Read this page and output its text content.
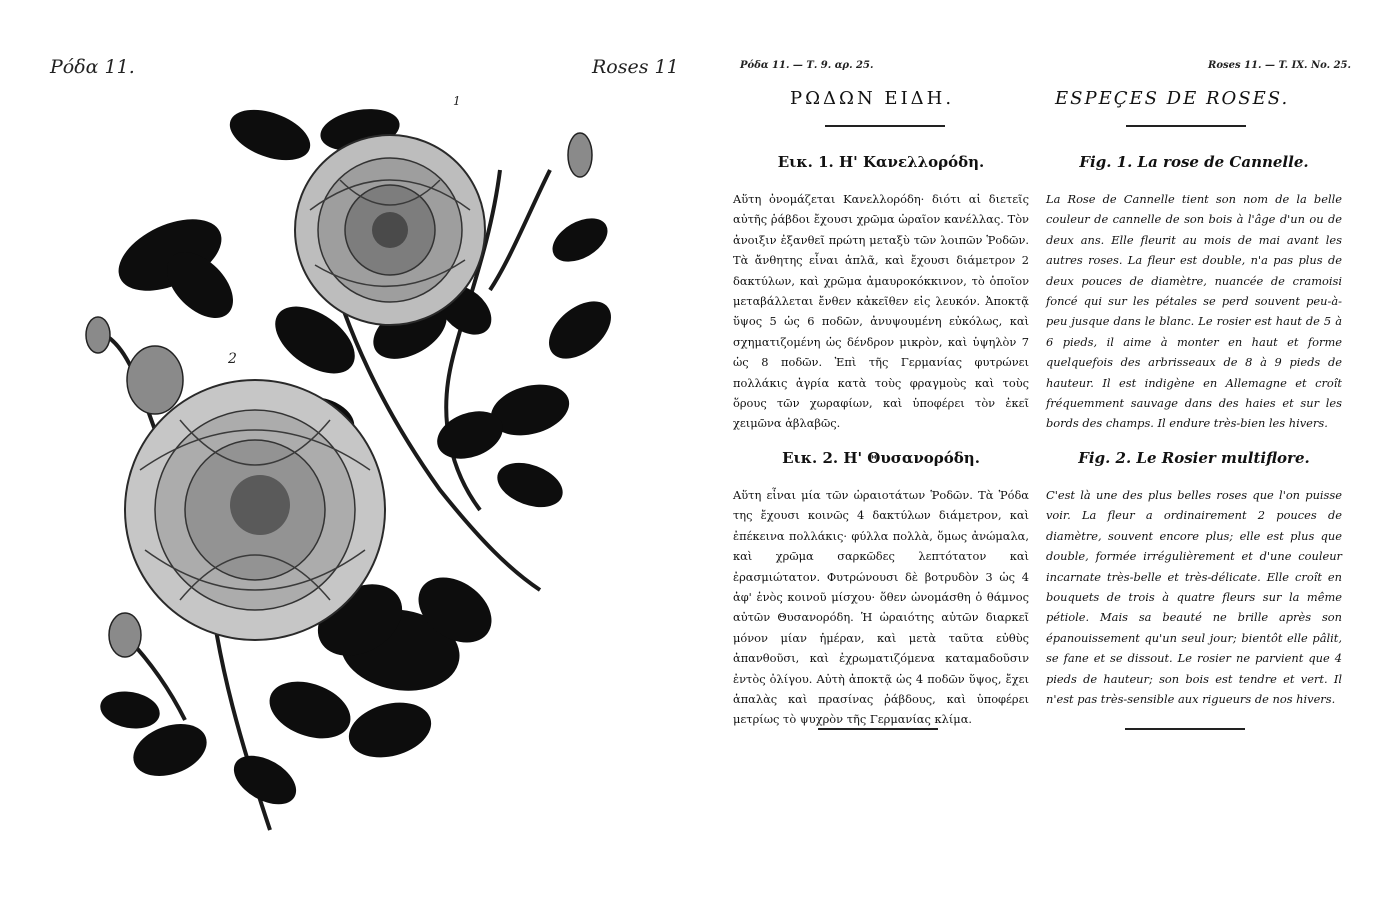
Ρόδα 11.	Roses 11
2
1
Ρόδα 11. — Τ. 9. αρ. 25.	Roses 11. — T. IX. No. 25.
ΡΩΔΩΝ ΕΙΔΗ.	ESPEÇES DE ROSES.

Εικ. 1. Η' Κανελλορόδη.

Αὕτη ὀνομάζεται Κανελλορόδη· διότι αἱ διετεῖς αὐτῆς ῥάβδοι ἔχουσι χρῶμα ὡραῖον κανέλλας. Τὸν ἀνοιξιν ἐξανθεῖ πρώτη μεταξὺ τῶν λοιπῶν Ῥοδῶν. Τὰ ἄνθητης εἶναι ἁπλᾶ, καὶ ἔχουσι διάμετρον 2 δακτύλων, καὶ χρῶμα ἀμαυροκόκκινον, τὸ ὁποῖον μεταβάλλεται ἔνθεν κἀκεῖθεν εἰς λευκόν. Ἀποκτᾷ ὕψος 5 ὡς 6 ποδῶν, ἀνυψουμένη εὐκόλως, καὶ σχηματιζομένη ὡς δένδρον μικρὸν, καὶ ὑψηλὸν 7 ὡς 8 ποδῶν. Ἐπὶ τῆς Γερμανίας φυτρώνει πολλάκις ἀγρία κατὰ τοὺς φραγμοὺς καὶ τοὺς ὅρους τῶν χωραφίων, καὶ ὑποφέρει τὸν ἐκεῖ χειμῶνα ἀβλαβῶς.

Fig. 1. La rose de Cannelle.

La Rose de Cannelle tient son nom de la belle couleur de cannelle de son bois à l'âge d'un ou de deux ans. Elle fleurit au mois de mai avant les autres roses. La fleur est double, n'a pas plus de deux pouces de diamètre, nuancée de cramoisi foncé qui sur les pétales se perd souvent peu-à-peu jusque dans le blanc. Le rosier est haut de 5 à 6 pieds, il aime à monter en haut et forme quelquefois des arbrisseaux de 8 à 9 pieds de hauteur. Il est indigène en Allemagne et croît fréquemment sauvage dans des haies et sur les bords des champs. Il endure très-bien les hivers.

Εικ. 2. Η' Θυσανορόδη.

Αὕτη εἶναι μία τῶν ὡραιοτάτων Ῥοδῶν. Τὰ Ῥόδα της ἔχουσι κοινῶς 4 δακτύλων διάμετρον, καὶ ἐπέκεινα πολλάκις· φύλλα πολλὰ, ὅμως ἀνώμαλα, καὶ χρῶμα σαρκῶδες λεπτότατον καὶ ἐρασμιώτατον. Φυτρώνουσι δὲ βοτρυδὸν 3 ὡς 4 ἀφ' ἑνὸς κοινοῦ μίσχου· ὅθεν ὠνομάσθη ὁ θάμνος αὐτῶν Θυσανορόδη. Ἡ ὡραιότης αὐτῶν διαρκεῖ μόνον μίαν ἡμέραν, καὶ μετὰ ταῦτα εὐθὺς ἀπανθοῦσι, καὶ ἐχρωματιζόμενα καταμαδοῦσιν ἐντὸς ὀλίγου. Αὐτὴ ἀποκτᾷ ὡς 4 ποδῶν ὕψος, ἔχει ἁπαλὰς καὶ πρασίνας ῥάβδους, καὶ ὑποφέρει μετρίως τὸ ψυχρὸν τῆς Γερμανίας κλίμα.

Fig. 2. Le Rosier multiflore.

C'est là une des plus belles roses que l'on puisse voir. La fleur a ordinairement 2 pouces de diamètre, souvent encore plus; elle est plus que double, formée irrégulièrement et d'une couleur incarnate très-belle et très-délicate. Elle croît en bouquets de trois à quatre fleurs sur la même pétiole. Mais sa beauté ne brille après son épanouissement qu'un seul jour; bientôt elle pâlit, se fane et se dissout. Le rosier ne parvient que 4 pieds de hauteur; son bois est tendre et vert. Il n'est pas très-sensible aux rigueurs de nos hivers.
